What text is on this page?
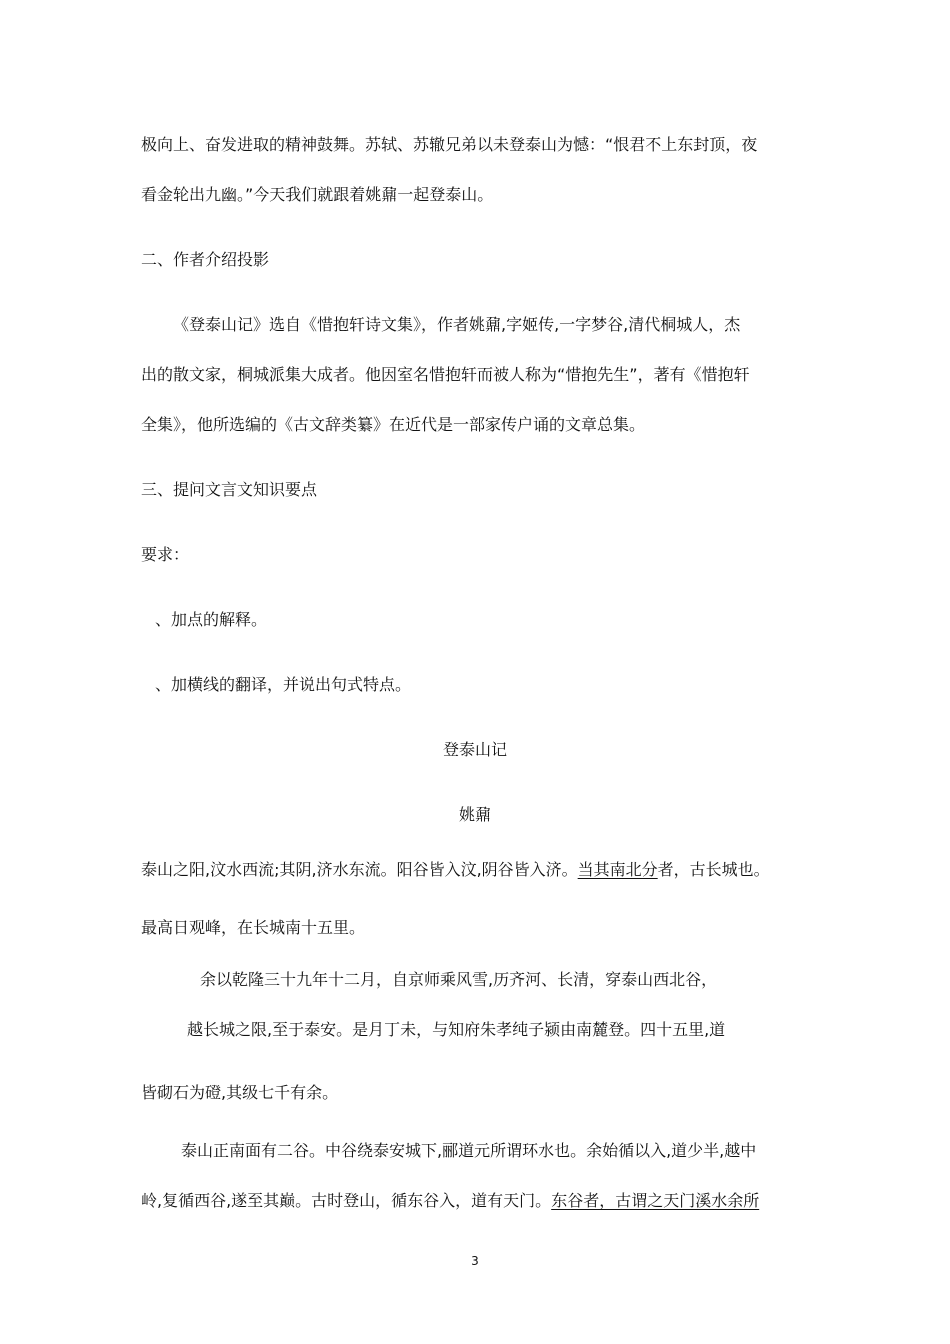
极向上、奋发进取的精神鼓舞。苏轼、苏辙兄弟以未登泰山为憾：“恨君不上东封顶，夜
看金轮出九幽。”今天我们就跟着姚鼐一起登泰山。
二、作者介绍投影
《登泰山记》选自《惜抱轩诗文集》，作者姚鼐,字姬传,一字梦谷,清代桐城人，杰
出的散文家，桐城派集大成者。他因室名惜抱轩而被人称为“惜抱先生”，著有《惜抱轩
全集》，他所选编的《古文辞类纂》在近代是一部家传户诵的文章总集。
三、提问文言文知识要点
要求：
、加点的解释。
、加横线的翻译，并说出句式特点。
登泰山记
姚鼐
泰山之阳,汶水西流;其阴,济水东流。阳谷皆入汶,阴谷皆入济。当其南北分者，古长城也。
最高日观峰，在长城南十五里。
余以乾隆三十九年十二月，自京师乘风雪,历齐河、长清，穿泰山西北谷，
越长城之限,至于泰安。是月丁未，与知府朱孝纯子颍由南麓登。四十五里,道
皆砌石为磴,其级七千有余。
泰山正南面有二谷。中谷绕泰安城下,郦道元所谓环水也。余始循以入,道少半,越中
岭,复循西谷,遂至其巅。古时登山，循东谷入，道有天门。东谷者，古谓之天门溪水余所
3
